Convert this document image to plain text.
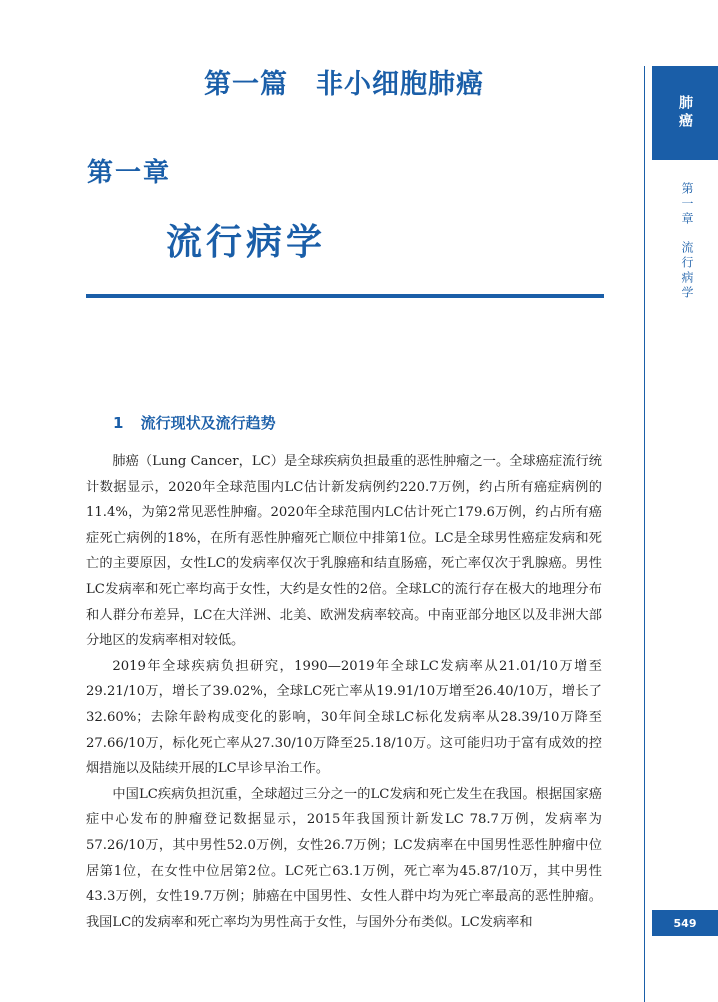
第一篇　非小细胞肺癌
第一章
流行病学
1 流行现状及流行趋势

肺癌（Lung Cancer，LC）是全球疾病负担最重的恶性肿瘤之一。全球癌症流行统计数据显示，2020年全球范围内LC估计新发病例约220.7万例，约占所有癌症病例的11.4%，为第2常见恶性肿瘤。2020年全球范围内LC估计死亡179.6万例，约占所有癌症死亡病例的18%，在所有恶性肿瘤死亡顺位中排第1位。LC是全球男性癌症发病和死亡的主要原因，女性LC的发病率仅次于乳腺癌和结直肠癌，死亡率仅次于乳腺癌。男性LC发病率和死亡率均高于女性，大约是女性的2倍。全球LC的流行存在极大的地理分布和人群分布差异，LC在大洋洲、北美、欧洲发病率较高。中南亚部分地区以及非洲大部分地区的发病率相对较低。

2019年全球疾病负担研究，1990—2019年全球LC发病率从21.01/10万增至29.21/10万，增长了39.02%，全球LC死亡率从19.91/10万增至26.40/10万，增长了32.60%；去除年龄构成变化的影响，30年间全球LC标化发病率从28.39/10万降至27.66/10万，标化死亡率从27.30/10万降至25.18/10万。这可能归功于富有成效的控烟措施以及陆续开展的LC早诊早治工作。

中国LC疾病负担沉重，全球超过三分之一的LC发病和死亡发生在我国。根据国家癌症中心发布的肿瘤登记数据显示，2015年我国预计新发LC 78.7万例，发病率为57.26/10万，其中男性52.0万例，女性26.7万例；LC发病率在中国男性恶性肿瘤中位居第1位，在女性中位居第2位。LC死亡63.1万例，死亡率为45.87/10万，其中男性43.3万例，女性19.7万例；肺癌在中国男性、女性人群中均为死亡率最高的恶性肿瘤。我国LC的发病率和死亡率均为男性高于女性，与国外分布类似。LC发病率和

肺癌
第一章流行病学
549
